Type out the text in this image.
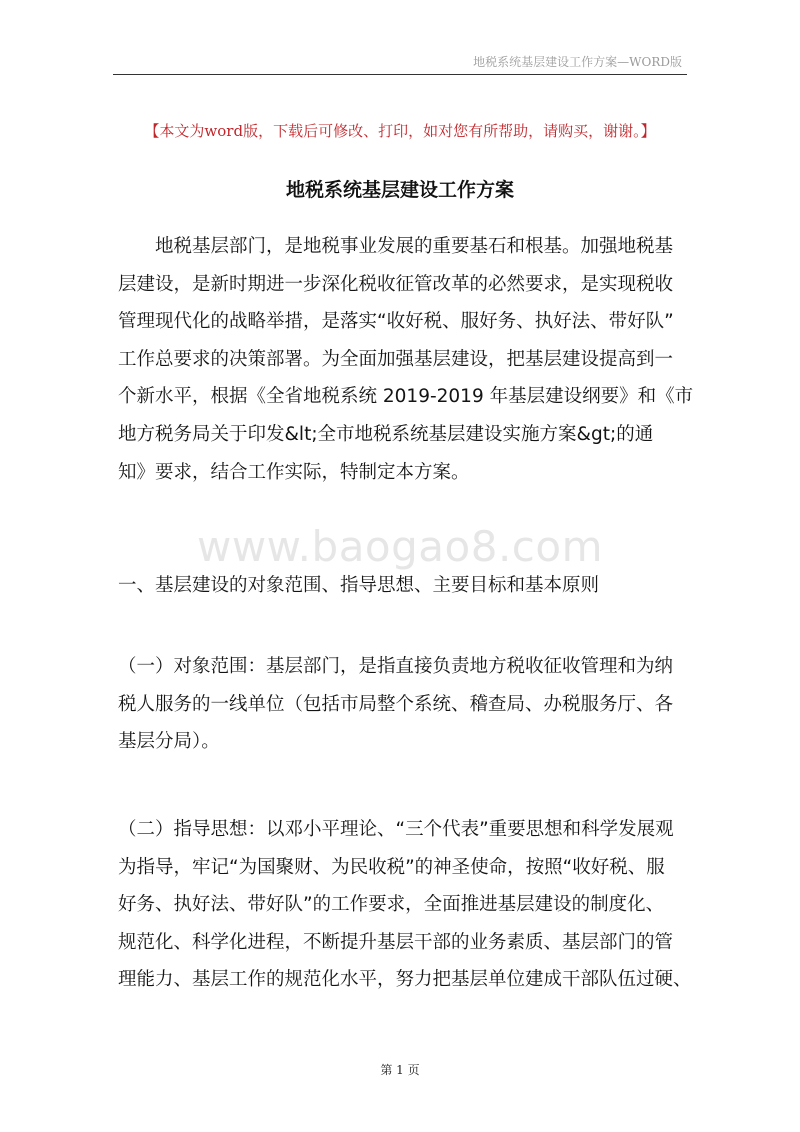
地税系统基层建设工作方案—WORD版
【本文为word版，下载后可修改、打印，如对您有所帮助，请购买，谢谢。】
地税系统基层建设工作方案
地税基层部门，是地税事业发展的重要基石和根基。加强地税基
层建设，是新时期进一步深化税收征管改革的必然要求，是实现税收
管理现代化的战略举措，是落实“收好税、服好务、执好法、带好队”
工作总要求的决策部署。为全面加强基层建设，把基层建设提高到一
个新水平，根据《全省地税系统 2019-2019 年基层建设纲要》和《市
地方税务局关于印发&lt;全市地税系统基层建设实施方案&gt;的通
知》要求，结合工作实际，特制定本方案。
www.baogao8.com
一、基层建设的对象范围、指导思想、主要目标和基本原则
（一）对象范围：基层部门，是指直接负责地方税收征收管理和为纳
税人服务的一线单位（包括市局整个系统、稽查局、办税服务厅、各
基层分局）。
（二）指导思想：以邓小平理论、“三个代表”重要思想和科学发展观
为指导，牢记“为国聚财、为民收税”的神圣使命，按照“收好税、服
好务、执好法、带好队”的工作要求，全面推进基层建设的制度化、
规范化、科学化进程，不断提升基层干部的业务素质、基层部门的管
理能力、基层工作的规范化水平，努力把基层单位建成干部队伍过硬、
第 1 页
